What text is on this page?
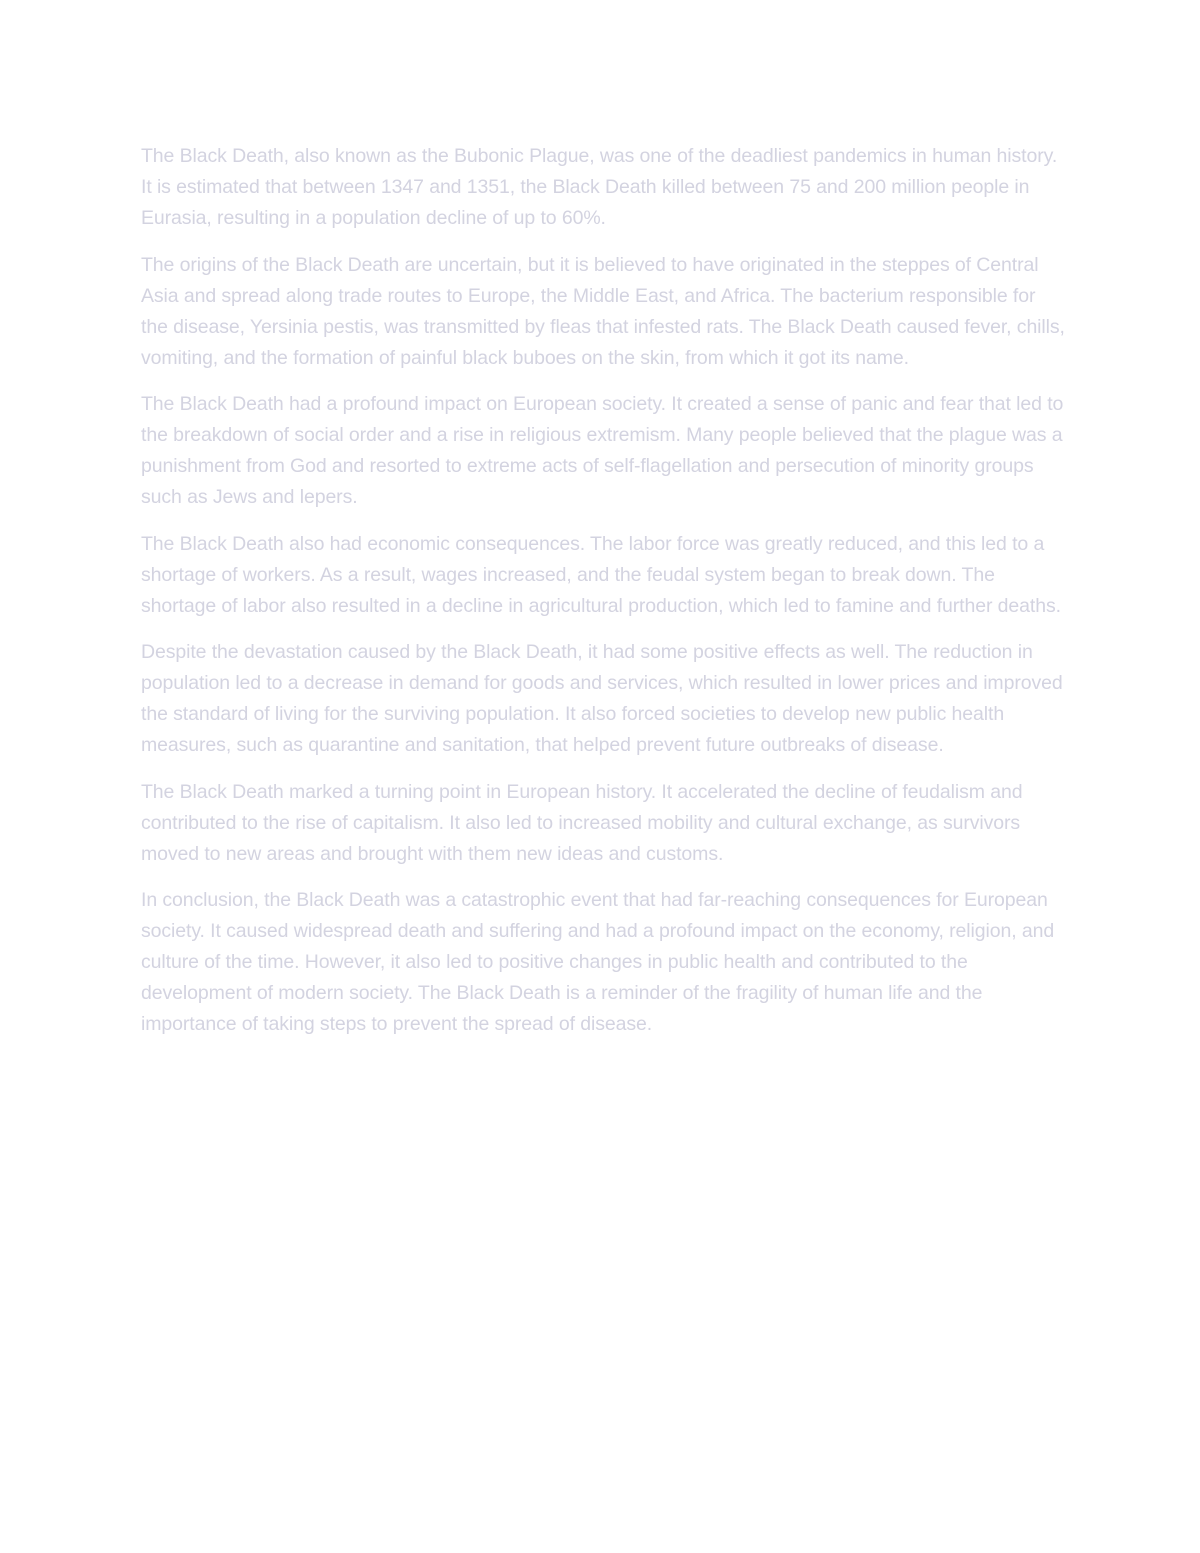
The Black Death, also known as the Bubonic Plague, was one of the deadliest pandemics in human history. It is estimated that between 1347 and 1351, the Black Death killed between 75 and 200 million people in Eurasia, resulting in a population decline of up to 60%.

The origins of the Black Death are uncertain, but it is believed to have originated in the steppes of Central Asia and spread along trade routes to Europe, the Middle East, and Africa. The bacterium responsible for the disease, Yersinia pestis, was transmitted by fleas that infested rats. The Black Death caused fever, chills, vomiting, and the formation of painful black buboes on the skin, from which it got its name.

The Black Death had a profound impact on European society. It created a sense of panic and fear that led to the breakdown of social order and a rise in religious extremism. Many people believed that the plague was a punishment from God and resorted to extreme acts of self-flagellation and persecution of minority groups such as Jews and lepers.

The Black Death also had economic consequences. The labor force was greatly reduced, and this led to a shortage of workers. As a result, wages increased, and the feudal system began to break down. The shortage of labor also resulted in a decline in agricultural production, which led to famine and further deaths.

Despite the devastation caused by the Black Death, it had some positive effects as well. The reduction in population led to a decrease in demand for goods and services, which resulted in lower prices and improved the standard of living for the surviving population. It also forced societies to develop new public health measures, such as quarantine and sanitation, that helped prevent future outbreaks of disease.

The Black Death marked a turning point in European history. It accelerated the decline of feudalism and contributed to the rise of capitalism. It also led to increased mobility and cultural exchange, as survivors moved to new areas and brought with them new ideas and customs.

In conclusion, the Black Death was a catastrophic event that had far-reaching consequences for European society. It caused widespread death and suffering and had a profound impact on the economy, religion, and culture of the time. However, it also led to positive changes in public health and contributed to the development of modern society. The Black Death is a reminder of the fragility of human life and the importance of taking steps to prevent the spread of disease.
